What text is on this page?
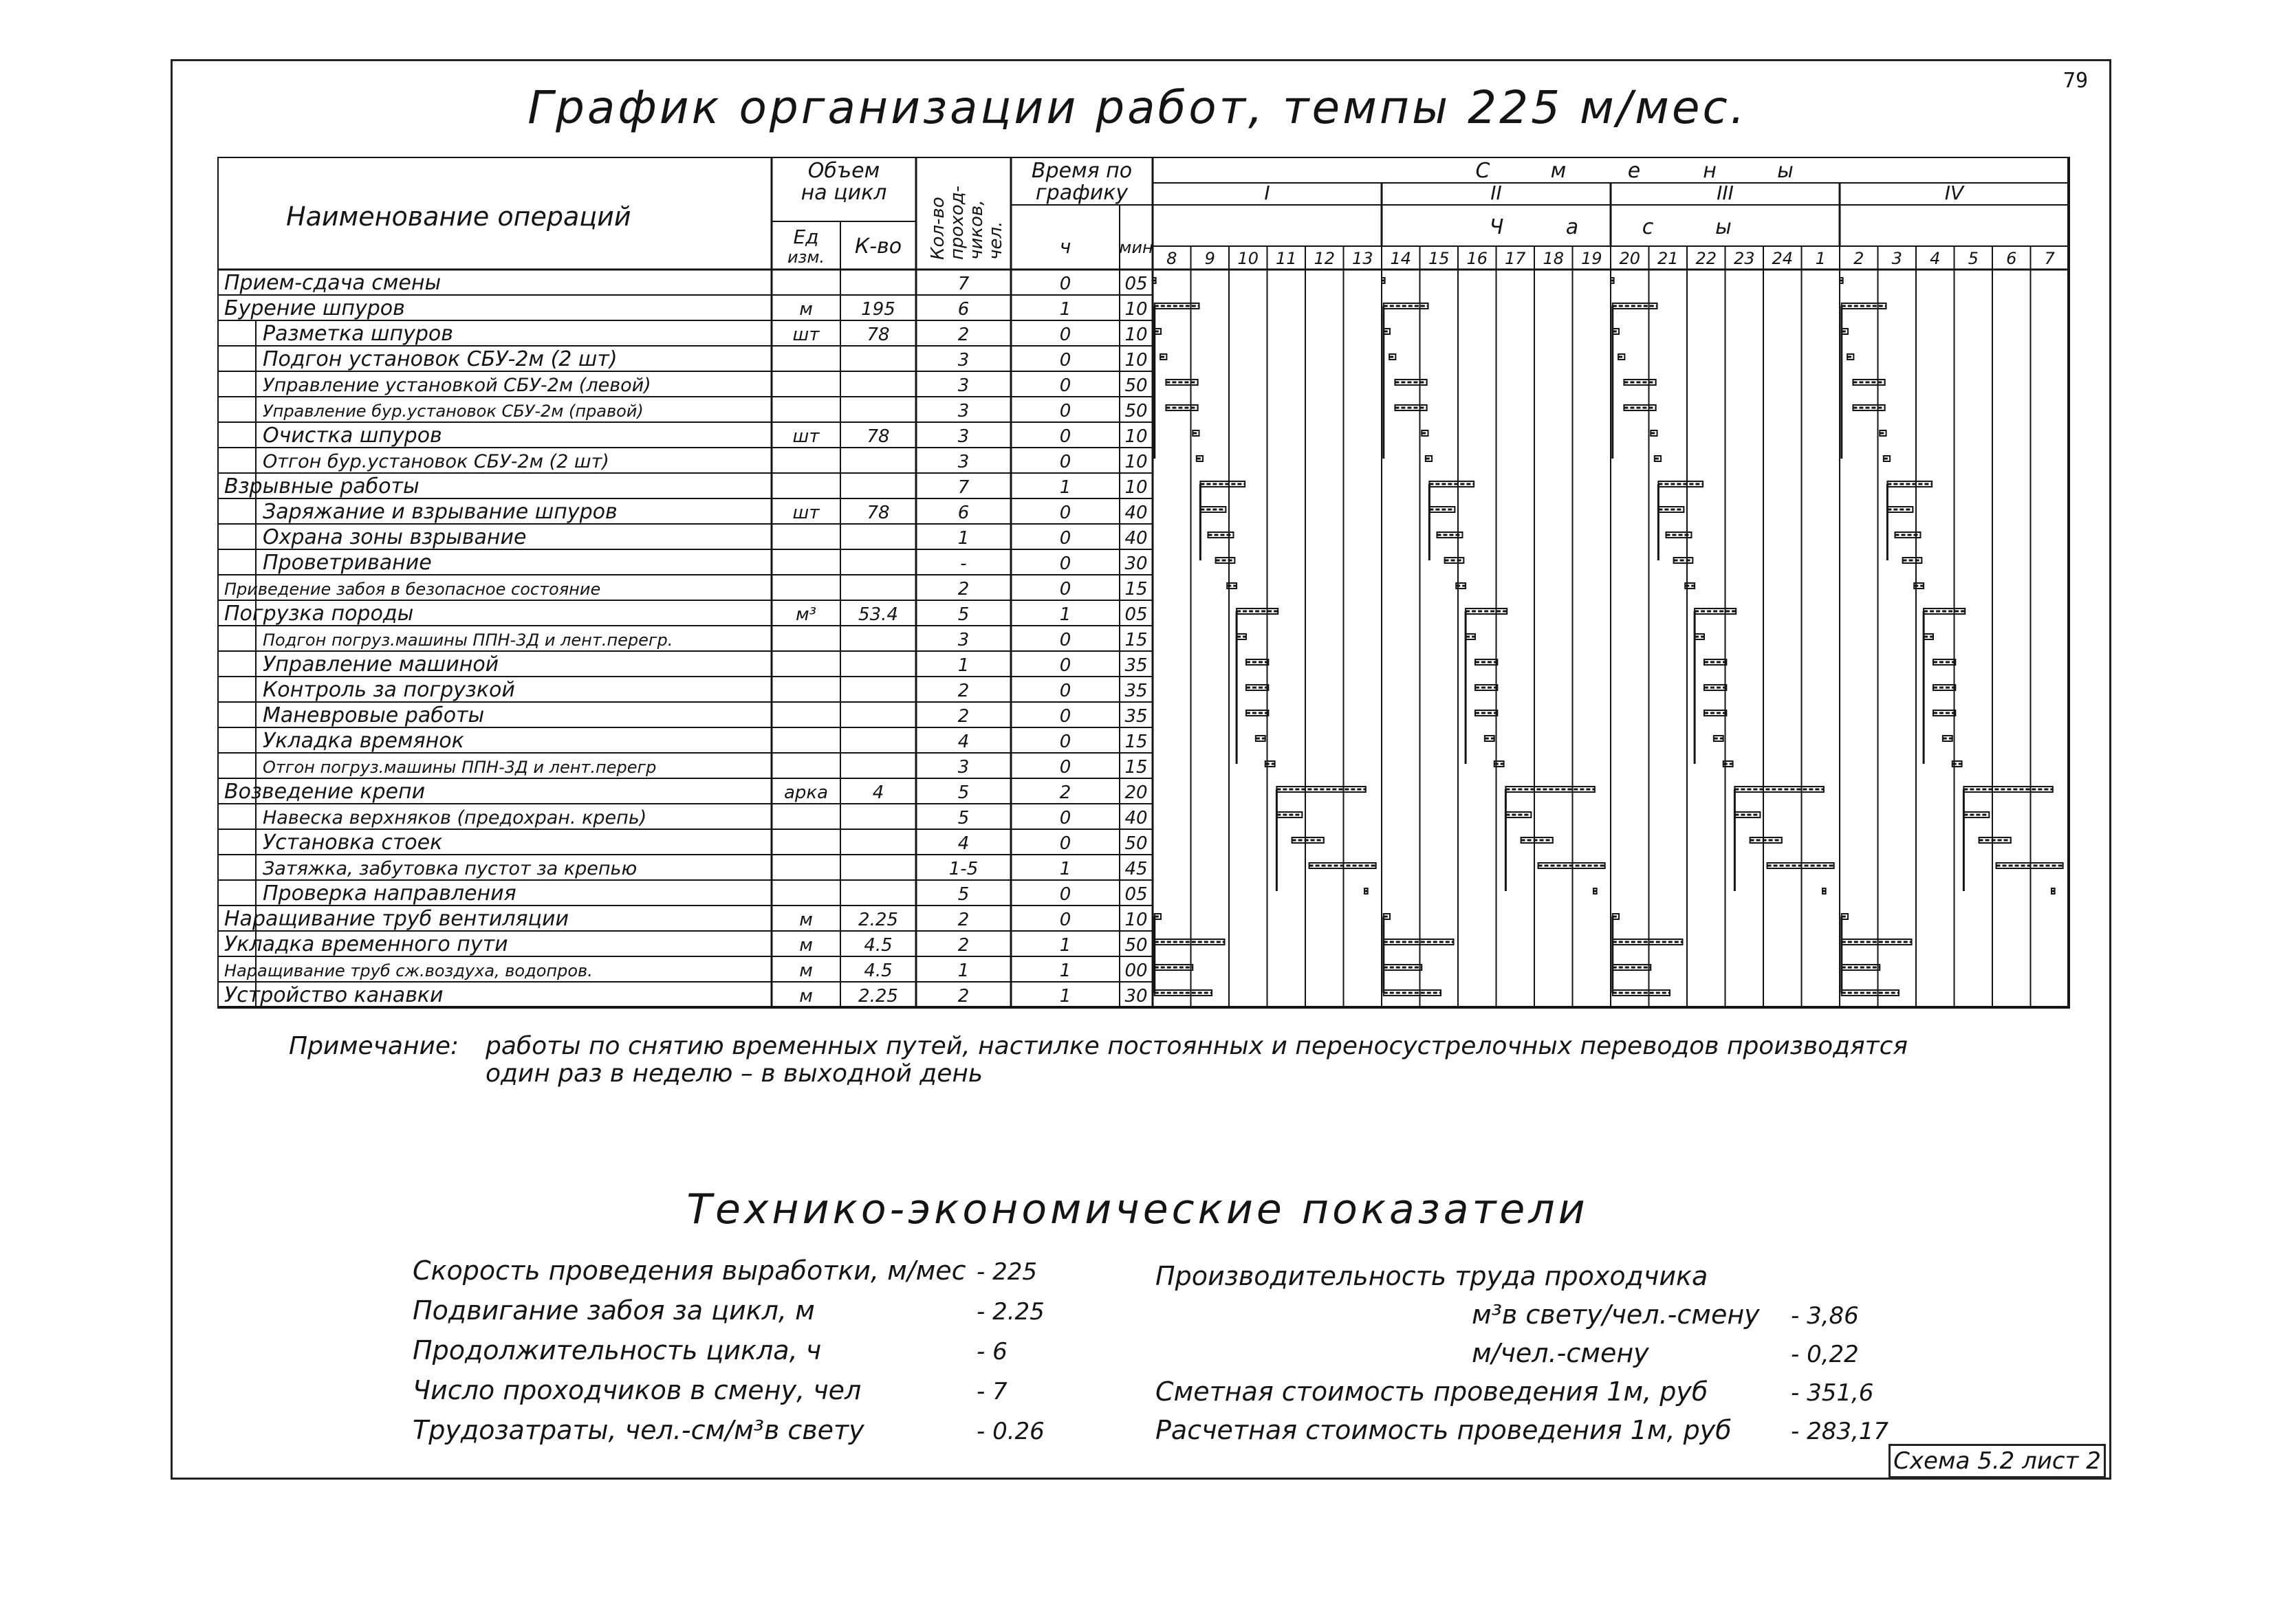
79
График организации работ, темпы 225 м/мес.
Наименование операций
Объем
на цикл
Ед
изм. К-во Кол-во
проход-
чиков,
чел.
Время по
графику
ч	мин
С	м	е	н	ы
I	II	III	IV
Ч	а	с	ы
8 9 10 11 12 13 14 15 16 17 18 19 20 21 22 23 24 1 2 3 4 5 6 7
Прием-сдача смены	7	0	05
Бурение шпуров	м	195	6	1	10
Разметка шпуров	шт	78	2	0	10
Подгон установок СБУ-2м (2 шт)	3	0	10
Управление установкой СБУ-2м (левой)	3	0	50
Управление бур.установок СБУ-2м (правой)	3	0	50
Очистка шпуров	шт	78	3	0	10
Отгон бур.установок СБУ-2м (2 шт)	3	0	10
Взрывные работы	7	1	10
Заряжание и взрывание шпуров	шт	78	6	0	40
Охрана зоны взрывание	1	0	40
Проветривание	-	0	30
Приведение забоя в безопасное состояние	2	0	15
Погрузка породы	м³ 53.4	5	1	05
Подгон погруз.машины ППН-3Д и лент.перегр.	3	0	15
Управление машиной	1	0	35
Контроль за погрузкой	2	0	35
Маневровые работы	2	0	35
Укладка времянок	4	0	15
Отгон погруз.машины ППН-3Д и лент.перегр	3	0	15
Возведение крепи	арка 4	5	2	20
Навеска верхняков (предохран. крепь)	5	0	40
Установка стоек	4	0	50
Затяжка, забутовка пустот за крепью	1-5	1	45
Проверка направления	5	0	05
Наращивание труб вентиляции	м	2.25	2	0	10
Укладка временного пути	м	4.5	2	1	50
Наращивание труб сж.воздуха, водопров.	м	4.5	1	1	00
Устройство канавки	м	2.25	2	1	30
Примечание: работы по снятию временных путей, настилке постоянных и переносустрелочных переводов производятся
один раз в неделю – в выходной день
Технико-экономические показатели
Скорость проведения выработки, м/мес - 225
Подвигание забоя за цикл, м	- 2.25
Продолжительность цикла, ч	- 6
Число проходчиков в смену, чел	- 7
Трудозатраты, чел.-см/м³в свету	- 0.26
Производительность труда проходчика
м³в свету/чел.-смену - 3,86
м/чел.-смену	- 0,22
Сметная стоимость проведения 1м, руб	- 351,6
Расчетная стоимость проведения 1м, руб	- 283,17
Схема 5.2 лист 2
